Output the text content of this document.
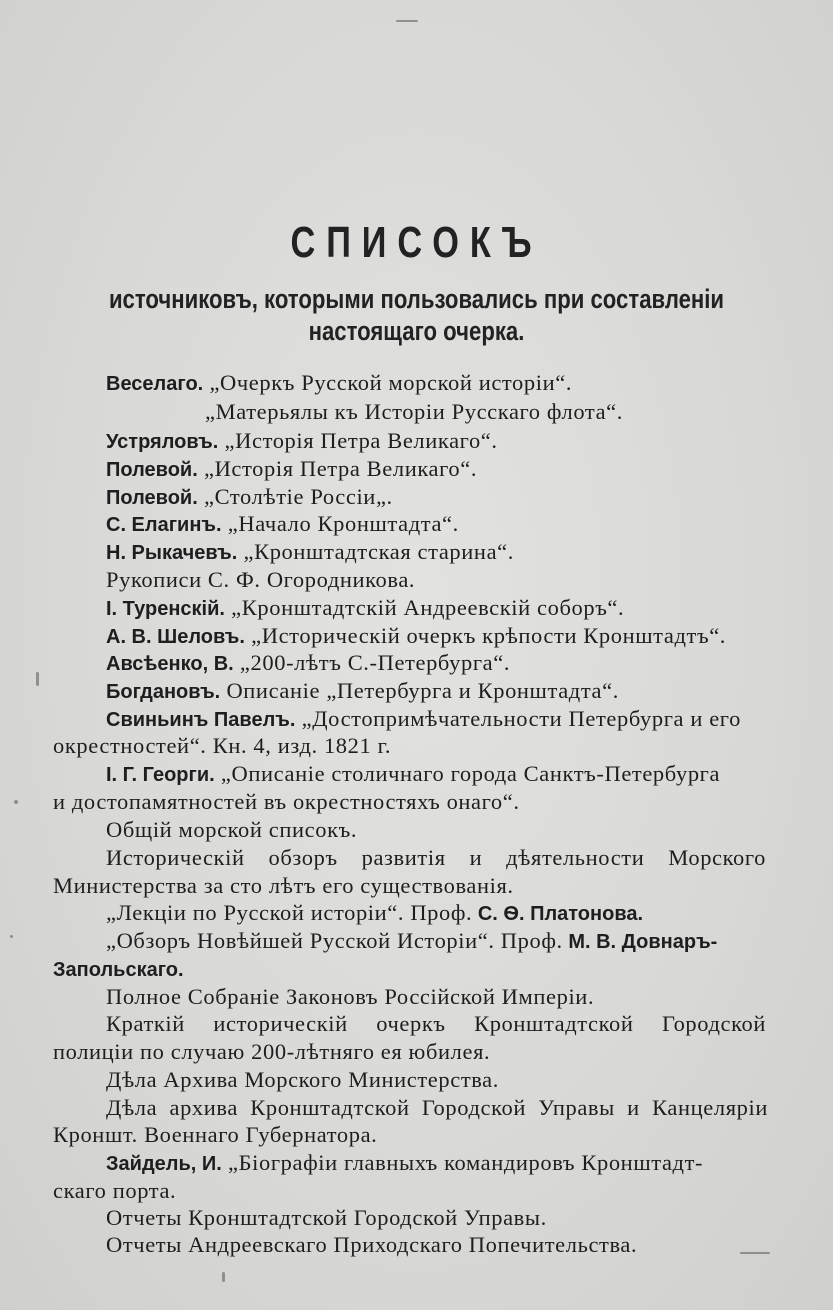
СПИСОКЪ
источниковъ, которыми пользовались при составленіи
настоящаго очерка.
Веселаго. „Очеркъ Русской морской исторіи“.
„Матерьялы къ Исторіи Русскаго флота“.
Устряловъ. „Исторія Петра Великаго“.
Полевой. „Исторія Петра Великаго“.
Полевой. „Столѣтіе Россіи„.
С. Елагинъ. „Начало Кронштадта“.
Н. Рыкачевъ. „Кронштадтская старина“.
Рукописи С. Ф. Огородникова.
I. Туренскій. „Кронштадтскій Андреевскій соборъ“.
А. В. Шеловъ. „Историческій очеркъ крѣпости Кронштадтъ“.
Авсѣенко, В. „200-лѣтъ С.-Петербурга“.
Богдановъ. Описаніе „Петербурга и Кронштадта“.
Свиньинъ Павелъ. „Достопримѣчательности Петербурга и его
окрестностей“. Кн. 4, изд. 1821 г.
I. Г. Георги. „Описаніе столичнаго города Санктъ-Петербурга
и достопамятностей въ окрестностяхъ онаго“.
Общій морской списокъ.
Историческій обзоръ развитія и дѣятельности Морского
Министерства за сто лѣтъ его существованія.
„Лекціи по Русской исторіи“. Проф. С. Ѳ. Платонова.
„Обзоръ Новѣйшей Русской Исторіи“. Проф. М. В. Довнаръ-
Запольскаго.
Полное Собраніе Законовъ Россійской Имперіи.
Краткій историческій очеркъ Кронштадтской Городской
полиціи по случаю 200-лѣтняго ея юбилея.
Дѣла Архива Морского Министерства.
Дѣла архива Кронштадтской Городской Управы и Канцеляріи
Кроншт. Военнаго Губернатора.
Зайдель, И. „Біографіи главныхъ командировъ Кронштадт-
скаго порта.
Отчеты Кронштадтской Городской Управы.
Отчеты Андреевскаго Приходскаго Попечительства.
